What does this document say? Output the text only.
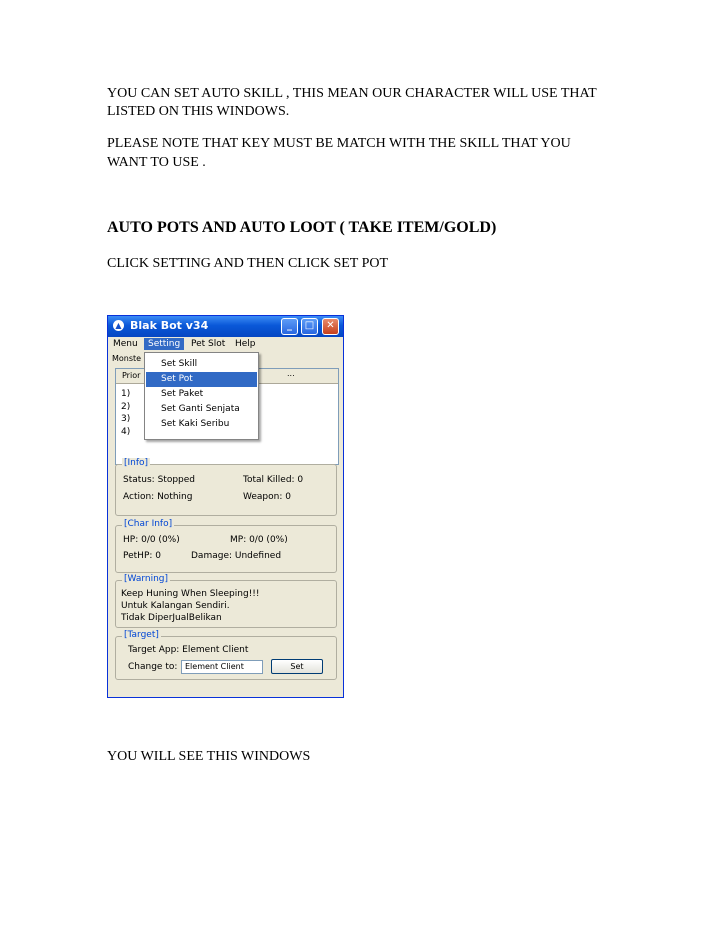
YOU CAN SET AUTO SKILL , THIS MEAN OUR CHARACTER WILL USE THAT

LISTED ON THIS WINDOWS.

PLEASE NOTE THAT KEY MUST BE MATCH WITH THE SKILL THAT YOU

WANT TO USE .

AUTO POTS AND AUTO LOOT ( TAKE ITEM/GOLD)

CLICK SETTING AND THEN CLICK SET POT

▲ Blak Bot v34	_	□	✕
Menu	Setting	Pet Slot	Help
Monste
Prior	...
1)
2)
3)
4)
[Info]
Status: Stopped	Total Killed: 0
Action: Nothing	Weapon: 0
[Char Info]
HP: 0/0 (0%)	MP: 0/0 (0%)
PetHP: 0	Damage: Undefined
[Warning]
Keep Huning When Sleeping!!!
Untuk Kalangan Sendiri.
Tidak DiperJualBelikan
[Target]
Target App: Element Client
Change to: Element Client	Set
Set Skill
Set Pot
Set Paket
Set Ganti Senjata
Set Kaki Seribu

YOU WILL SEE THIS WINDOWS
